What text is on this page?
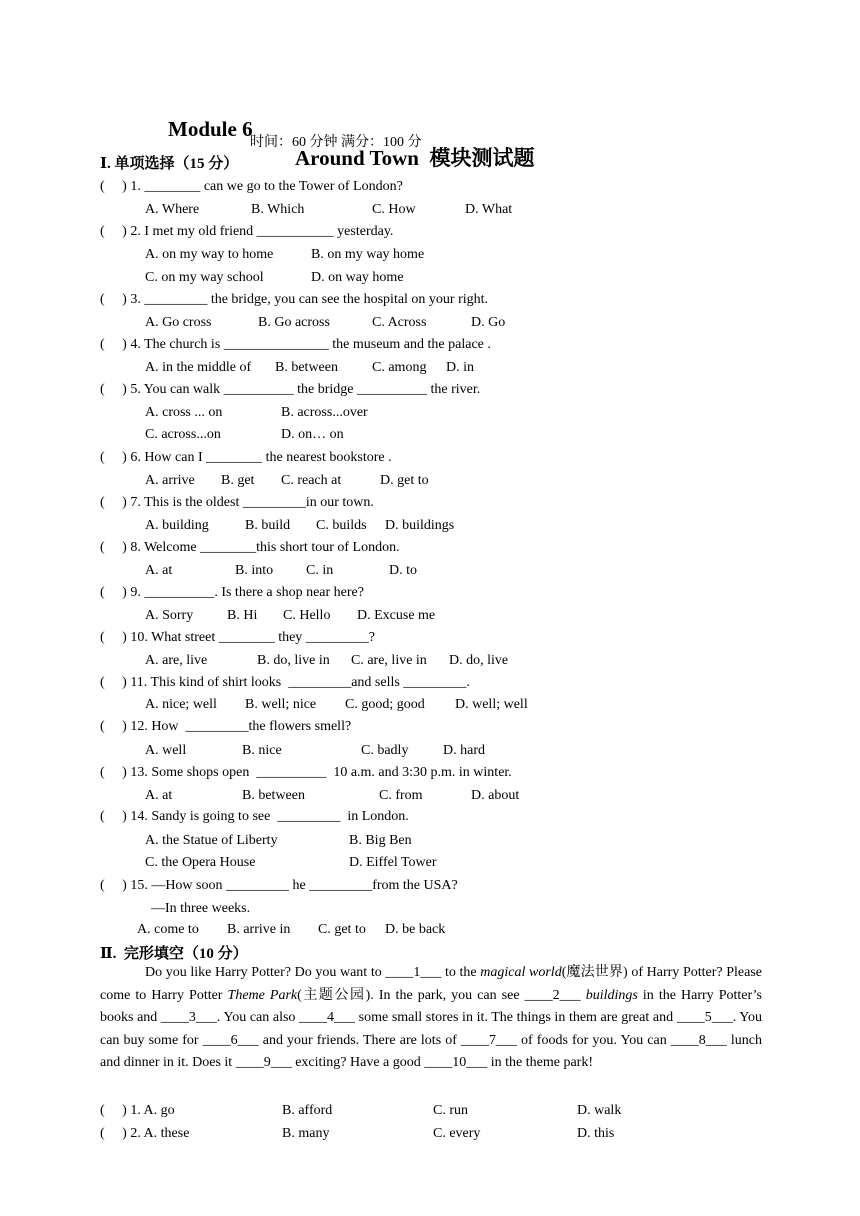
Module 6

Around Town  模块测试题

时间：60 分钟 满分：100 分
Ⅰ. 单项选择（15 分）
(     ) 1. ________ can we go to the Tower of London?
A. Where	B. Which	C. How	D. What
(     ) 2. I met my old friend ___________ yesterday.
A. on my way to home	B. on my way home
C. on my way school	D. on way home
(     ) 3. _________ the bridge, you can see the hospital on your right.
A. Go cross	B. Go across	C. Across	D. Go
(     ) 4. The church is _______________ the museum and the palace .
A. in the middle of B. between C. among D. in
(     ) 5. You can walk __________ the bridge __________ the river.
A. cross ... on	B. across...over
C. across...on	D. on… on
(     ) 6. How can I ________ the nearest bookstore .
A. arrive B. get C. reach at	D. get to
(     ) 7. This is the oldest _________in our town.
A. building	B. build C. builds D. buildings
(     ) 8. Welcome ________this short tour of London.
A. at	B. into C. in	D. to
(     ) 9. __________. Is there a shop near here?
A. Sorry B. Hi C. Hello D. Excuse me
(     ) 10. What street ________ they _________?
A. are, live	B. do, live in C. are, live in D. do, live
(     ) 11. This kind of shirt looks  _________and sells _________.
A. nice; well B. well; nice C. good; good D. well; well
(     ) 12. How  _________the flowers smell?
A. well	B. nice	C. badly D. hard
(     ) 13. Some shops open  __________  10 a.m. and 3:30 p.m. in winter.
A. at	B. between	C. from	D. about
(     ) 14. Sandy is going to see  _________  in London.
A. the Statue of Liberty	B. Big Ben
C. the Opera House	D. Eiffel Tower
(     ) 15. —How soon _________ he _________from the USA?
—In three weeks.
A. come to B. arrive in C. get to D. be back
Ⅱ.  完形填空（10 分）
Do you like Harry Potter? Do you want to ____1___ to the magical world(魔法世界) of Harry Potter? Please come to Harry Potter Theme Park(主题公园). In the park, you can see ____2___ buildings in the Harry Potter’s books and ____3___. You can also ____4___ some small stores in it. The things in them are great and ____5___. You can buy some for ____6___ and your friends. There are lots of ____7___ of foods for you. You can ____8___ lunch and dinner in it. Does it ____9___ exciting? Have a good ____10___ in the theme park!
(     ) 1. A. go	B. afford	C. run	D. walk
(     ) 2. A. these	B. many	C. every	D. this
